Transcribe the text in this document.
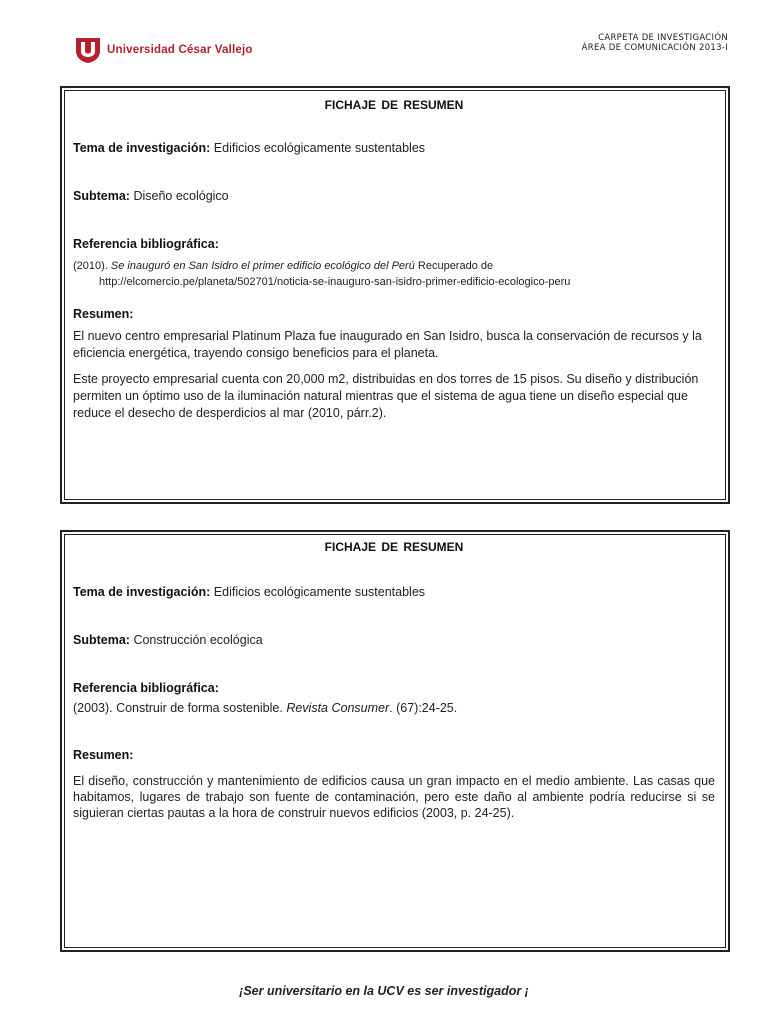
Universidad César Vallejo
CARPETA DE INVESTIGACIÓN
ÁREA DE COMUNICACIÓN 2013-I

FICHAJE DE RESUMEN

Tema de investigación: Edificios ecológicamente sustentables

Subtema: Diseño ecológico

Referencia bibliográfica:

(2010). Se inauguró en San Isidro el primer edificio ecológico del Perú Recuperado de
http://elcomercio.pe/planeta/502701/noticia-se-inauguro-san-isidro-primer-edificio-ecologico-peru

Resumen:

El nuevo centro empresarial Platinum Plaza fue inaugurado en San Isidro, busca la conservación de recursos y la eficiencia energética, trayendo consigo beneficios para el planeta.

Este proyecto empresarial cuenta con 20,000 m2, distribuidas en dos torres de 15 pisos. Su diseño y distribución permiten un óptimo uso de la iluminación natural mientras que el sistema de agua tiene un diseño especial que reduce el desecho de desperdicios al mar (2010, párr.2).

FICHAJE DE RESUMEN

Tema de investigación: Edificios ecológicamente sustentables

Subtema: Construcción ecológica

Referencia bibliográfica:

(2003). Construir de forma sostenible. Revista Consumer. (67):24-25.

Resumen:

El diseño, construcción y mantenimiento de edificios causa un gran impacto en el medio ambiente. Las casas que habitamos, lugares de trabajo son fuente de contaminación, pero este daño al ambiente podría reducirse si se siguieran ciertas pautas a la hora de construir nuevos edificios (2003, p. 24-25).

¡Ser universitario en la UCV es ser investigador ¡
